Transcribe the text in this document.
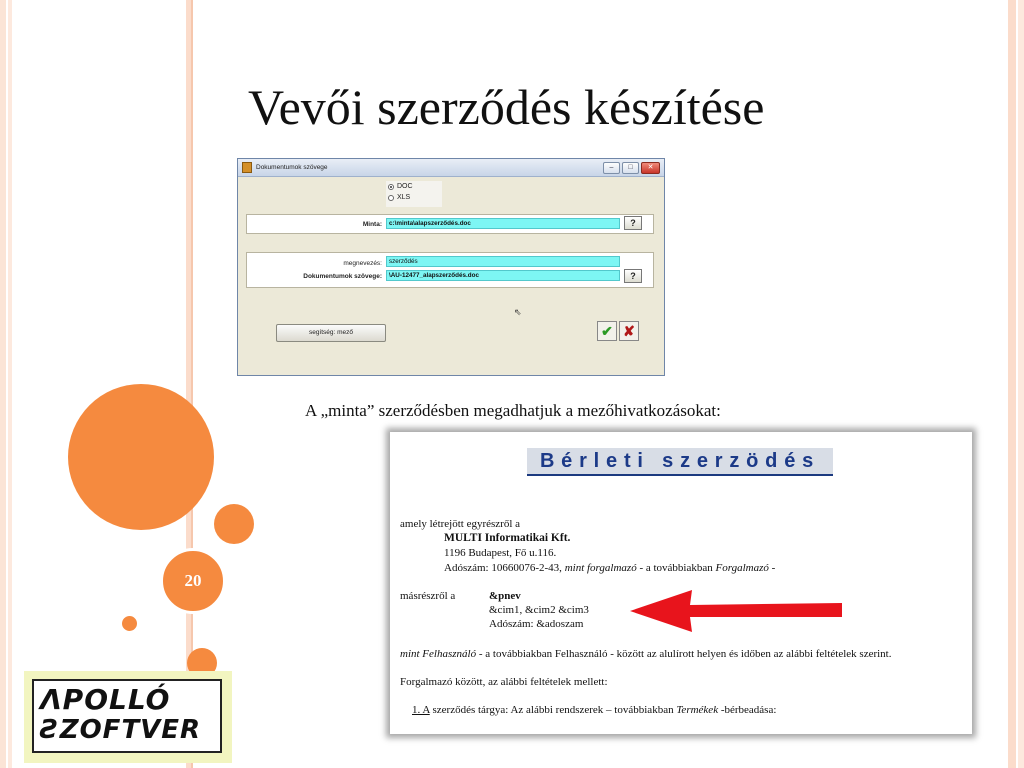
20
Vevői szerződés készítése
Dokumentumok szövege	–	□	✕
DOC
XLS
Minta:	c:\minta\alapszerződés.doc	?
megnevezés:	szerződés
Dokumentumok szövege:	\AU-12477_alapszerződés.doc	?
⇖
segítség: mező	✔ ✘
A „minta” szerződésben megadhatjuk a mezőhivatkozásokat:
Bérleti szerzödés
amely létrejött egyrészről a
MULTI Informatikai Kft.
1196 Budapest, Fő u.116.
Adószám: 10660076-2-43, mint forgalmazó - a továbbiakban Forgalmazó -
másrészről a	&pnev
&cim1, &cim2 &cim3
Adószám: &adoszam
mint Felhasználó - a továbbiakban Felhasználó - között az alulírott helyen és időben az alábbi feltételek szerint.
Forgalmazó között, az alábbi feltételek mellett:
1. A szerződés tárgya: Az alábbi rendszerek – továbbiakban Termékek -bérbeadása:
ΛPOLLÓ
ƧZOFTVER
